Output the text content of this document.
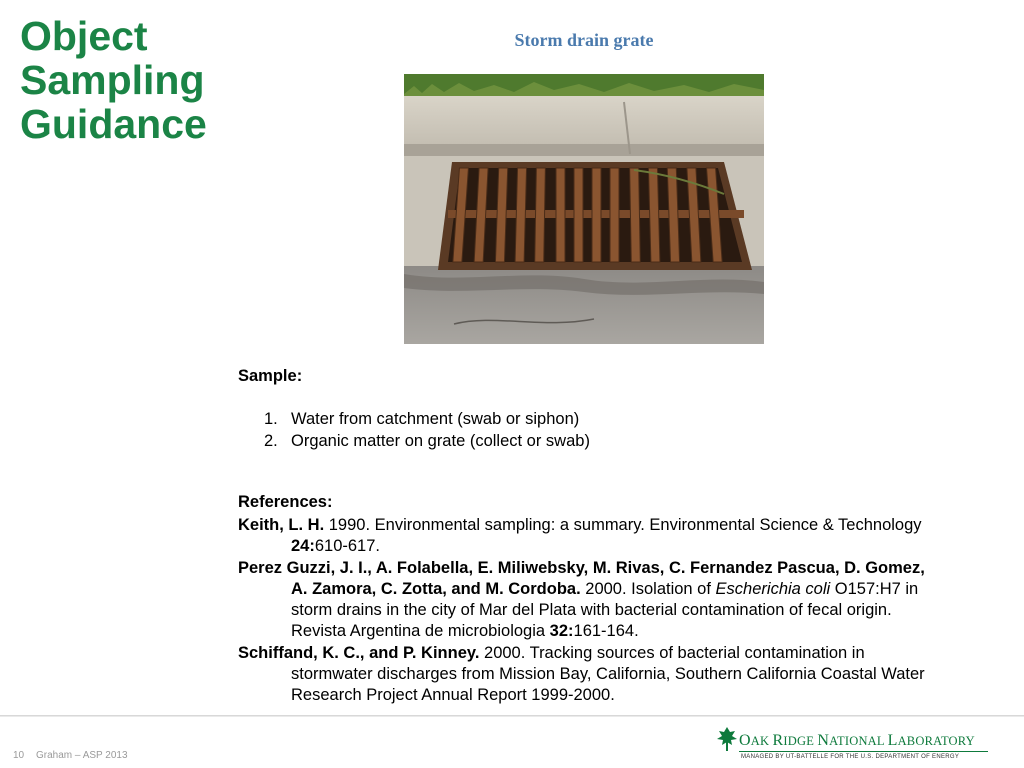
Object Sampling Guidance
Storm drain grate
Sample:
1. Water from catchment (swab or siphon)
2. Organic matter on grate (collect or swab)
References:

Keith, L. H. 1990. Environmental sampling: a summary. Environmental Science & Technology 24:610-617.

Perez Guzzi, J. I., A. Folabella, E. Miliwebsky, M. Rivas, C. Fernandez Pascua, D. Gomez, A. Zamora, C. Zotta, and M. Cordoba. 2000. Isolation of Escherichia coli O157:H7 in storm drains in the city of Mar del Plata with bacterial contamination of fecal origin. Revista Argentina de microbiologia 32:161-164.

Schiffand, K. C., and P. Kinney. 2000. Tracking sources of bacterial contamination in stormwater discharges from Mission Bay, California, Southern California Coastal Water Research Project Annual Report 1999-2000.

10 Graham – ASP 2013
OAK RIDGE NATIONAL LABORATORY
MANAGED BY UT-BATTELLE FOR THE U.S. DEPARTMENT OF ENERGY
